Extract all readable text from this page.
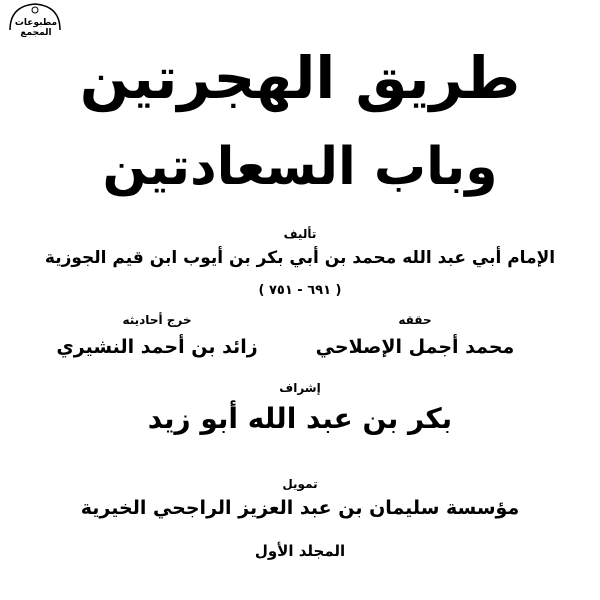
مطبوعات المجمع
طريق الهجرتين
وباب السعادتين
تأليف
الإمام أبي عبد الله محمد بن أبي بكر بن أيوب ابن قيم الجوزية
( ٦٩١ - ٧٥١ )
حققه
محمد أجمل الإصلاحي
خرج أحاديثه
زائد بن أحمد النشيري
إشراف
بكر بن عبد الله أبو زيد
تمويل
مؤسسة سليمان بن عبد العزيز الراجحي الخيرية
المجلد الأول
